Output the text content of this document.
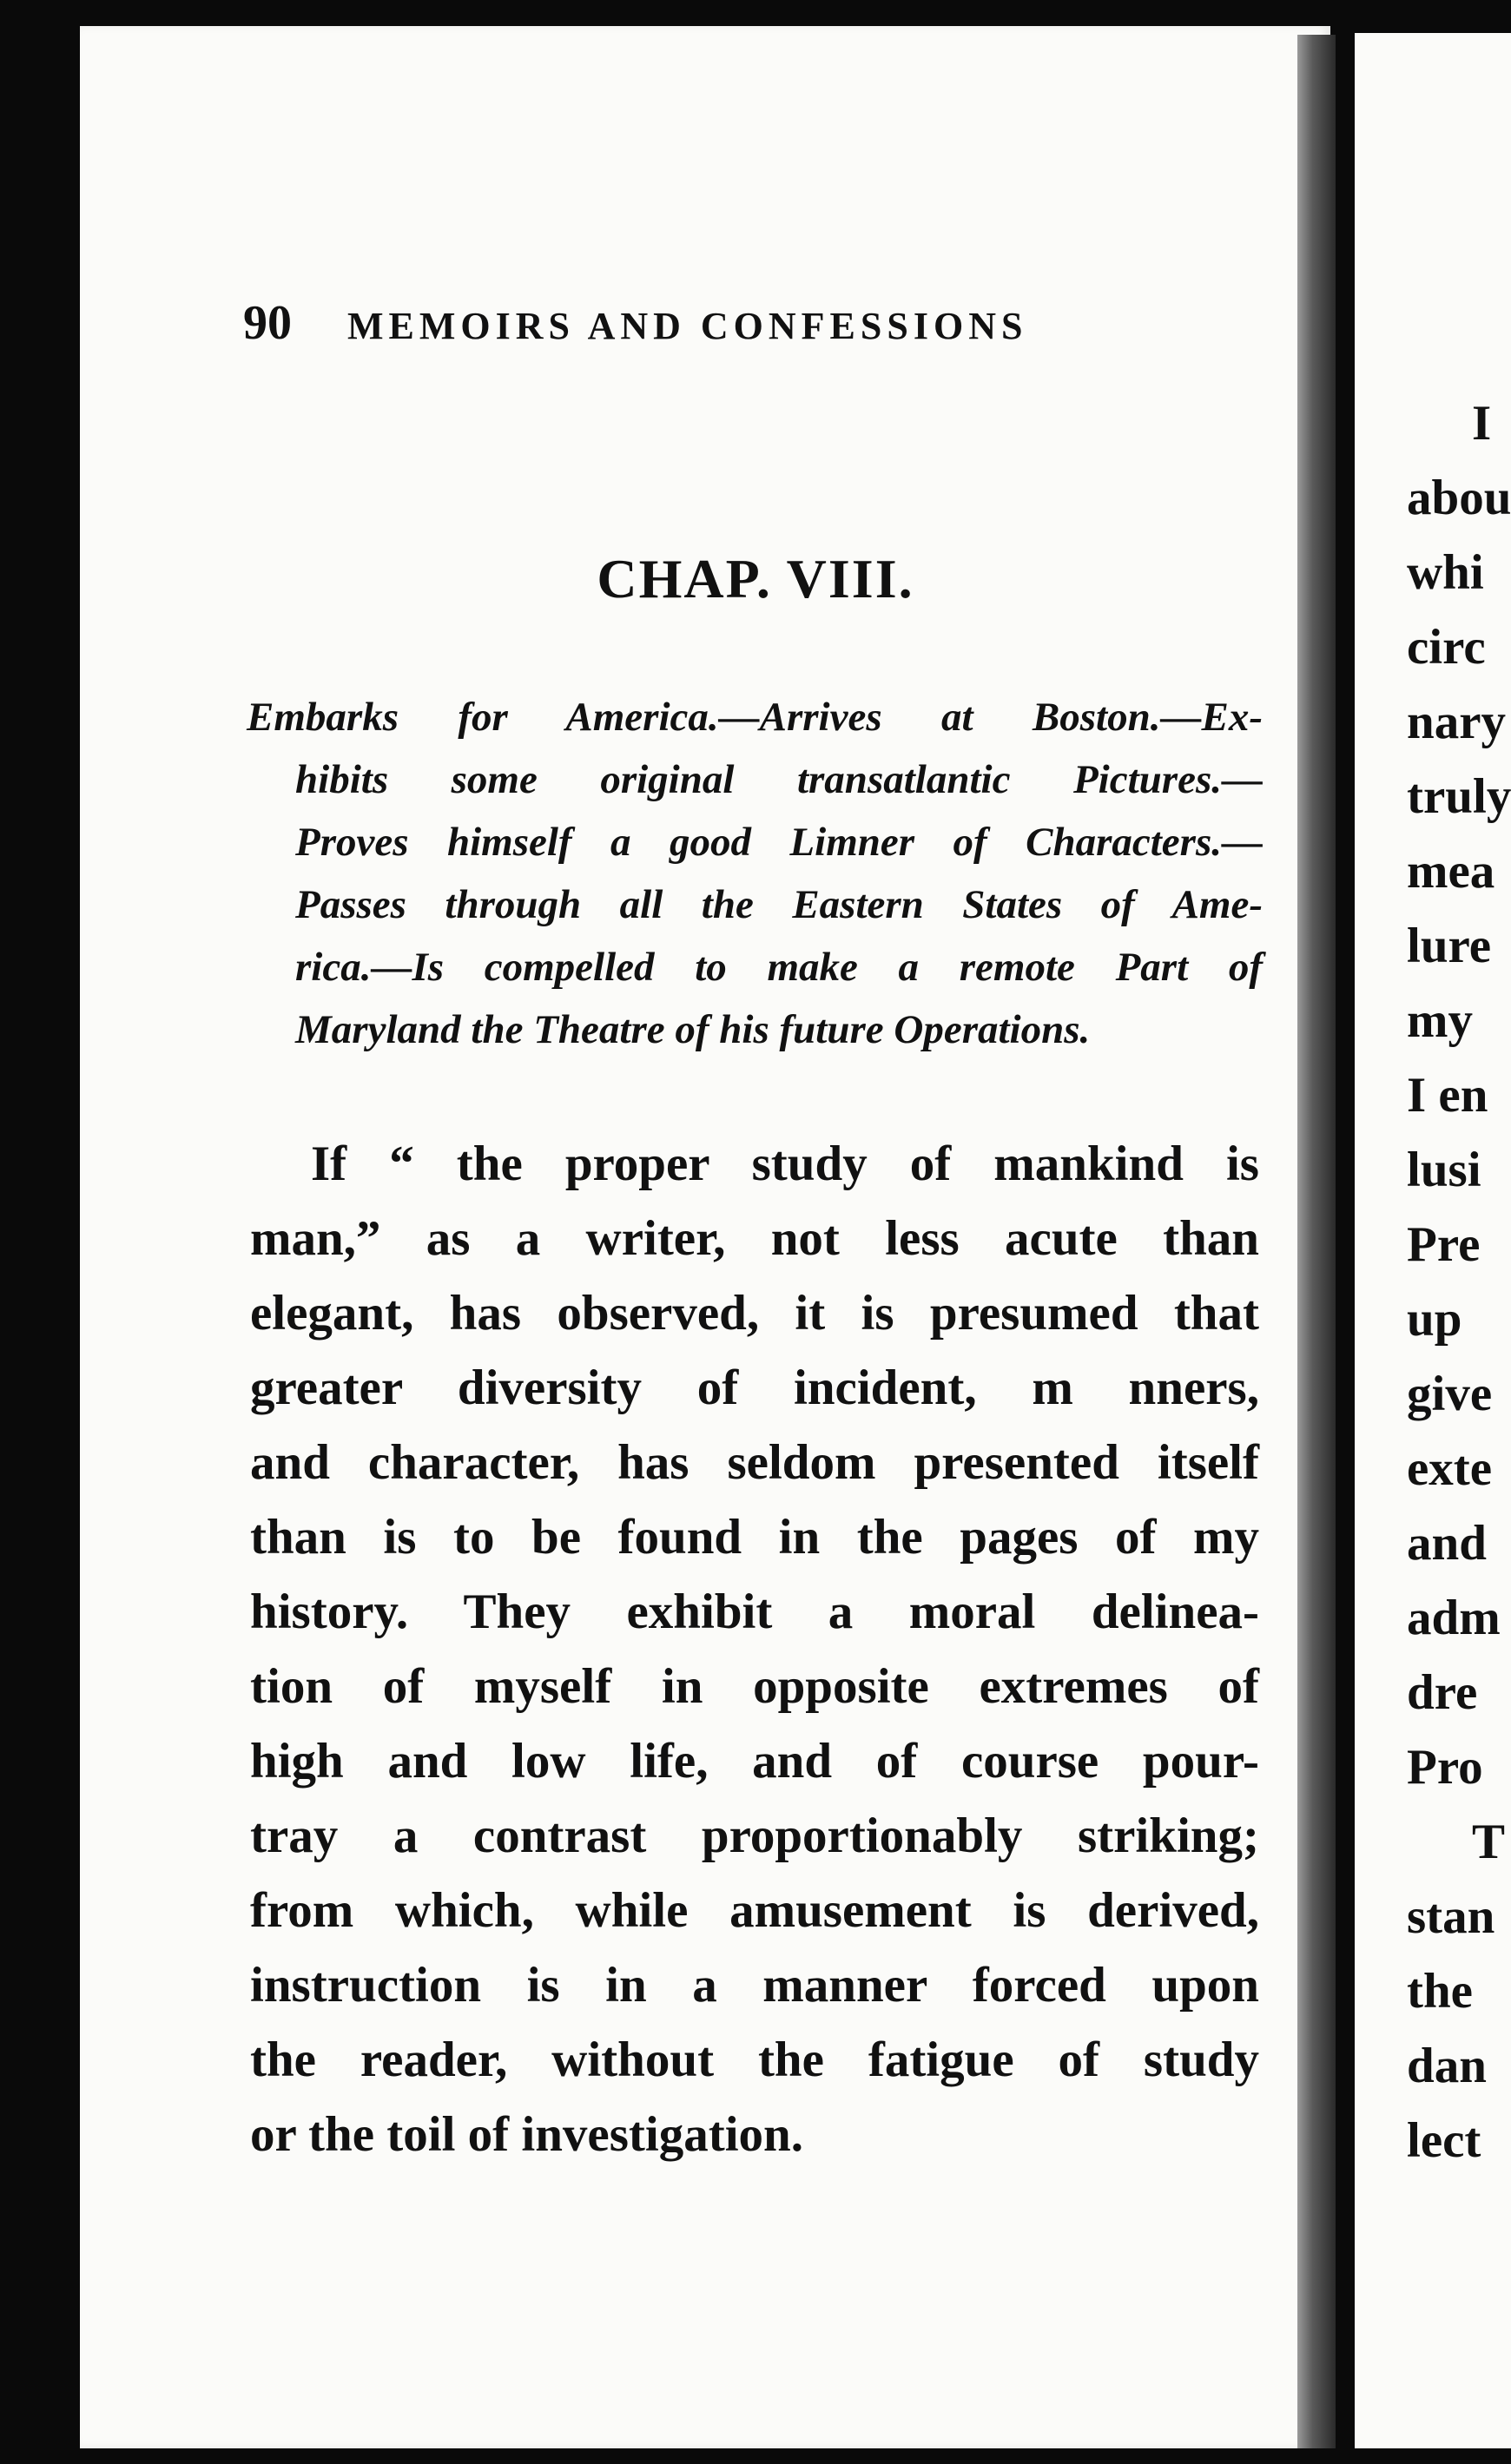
90 MEMOIRS AND CONFESSIONS
CHAP. VIII.
Embarks for America.—Arrives at Boston.—Ex-
hibits some original transatlantic Pictures.—
Proves himself a good Limner of Characters.—
Passes through all the Eastern States of Ame-
rica.—Is compelled to make a remote Part of
Maryland the Theatre of his future Operations.
If “ the proper study of mankind is
man,” as a writer, not less acute than
elegant, has observed, it is presumed that
greater diversity of incident, m nners,
and character, has seldom presented itself
than is to be found in the pages of my
history. They exhibit a moral delinea-
tion of myself in opposite extremes of
high and low life, and of course pour-
tray a contrast proportionably striking;
from which, while amusement is derived,
instruction is in a manner forced upon
the reader, without the fatigue of study
or the toil of investigation.
I
abou
whi
circ
nary
truly
mea
lure
my
I en
lusi
Pre
up
give
exte
and
adm
dre
Pro
T
stan
the
dan
lect
